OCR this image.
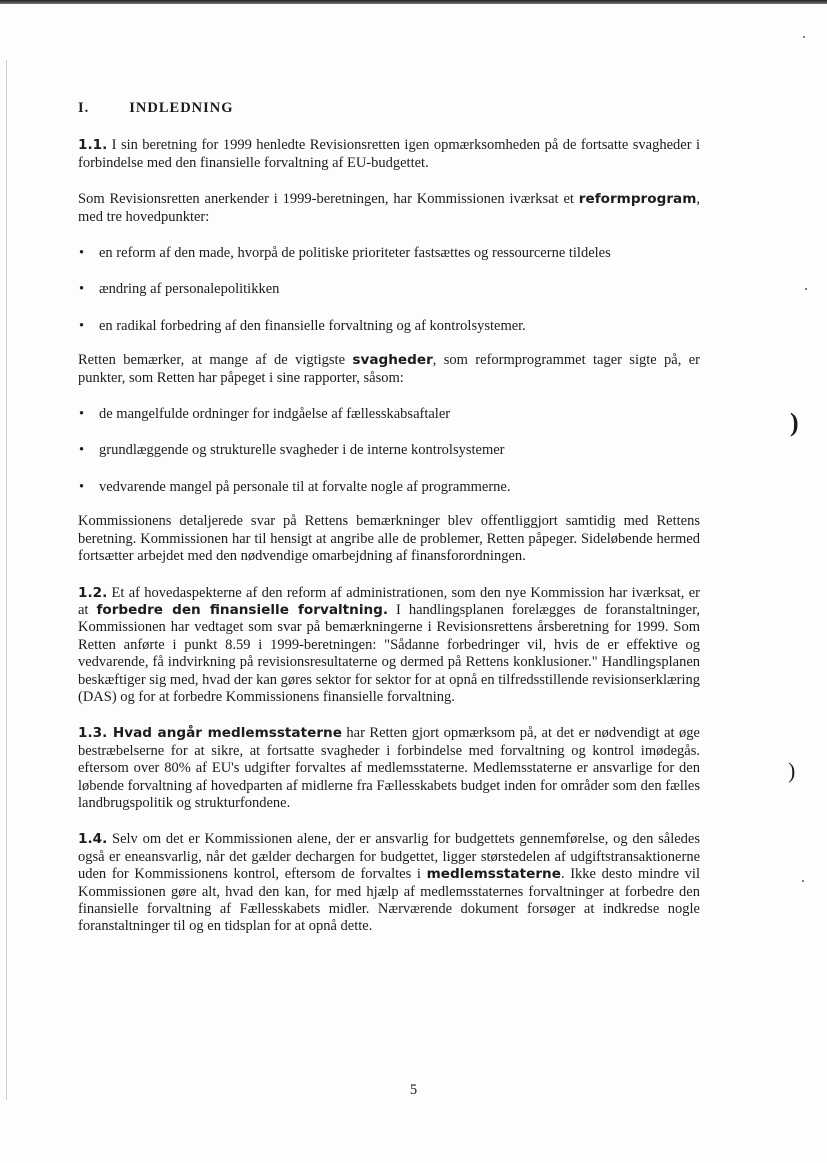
I.	INDLEDNING

1.1. I sin beretning for 1999 henledte Revisionsretten igen opmærksomheden på de fortsatte svagheder i forbindelse med den finansielle forvaltning af EU-budgettet.

Som Revisionsretten anerkender i 1999-beretningen, har Kommissionen iværksat et reformprogram, med tre hovedpunkter:

• en reform af den made, hvorpå de politiske prioriteter fastsættes og ressourcerne tildeles
• ændring af personalepolitikken
• en radikal forbedring af den finansielle forvaltning og af kontrolsystemer.

Retten bemærker, at mange af de vigtigste svagheder, som reformprogrammet tager sigte på, er punkter, som Retten har påpeget i sine rapporter, såsom:

• de mangelfulde ordninger for indgåelse af fællesskabsaftaler
• grundlæggende og strukturelle svagheder i de interne kontrolsystemer
• vedvarende mangel på personale til at forvalte nogle af programmerne.

Kommissionens detaljerede svar på Rettens bemærkninger blev offentliggjort samtidig med Rettens beretning. Kommissionen har til hensigt at angribe alle de problemer, Retten påpeger. Sideløbende hermed fortsætter arbejdet med den nødvendige omarbejdning af finansforordningen.

1.2. Et af hovedaspekterne af den reform af administrationen, som den nye Kommission har iværksat, er at forbedre den finansielle forvaltning. I handlingsplanen forelægges de foranstaltninger, Kommissionen har vedtaget som svar på bemærkningerne i Revisionsrettens årsberetning for 1999. Som Retten anførte i punkt 8.59 i 1999-beretningen: "Sådanne forbedringer vil, hvis de er effektive og vedvarende, få indvirkning på revisionsresultaterne og dermed på Rettens konklusioner." Handlingsplanen beskæftiger sig med, hvad der kan gøres sektor for sektor for at opnå en tilfredsstillende revisionserklæring (DAS) og for at forbedre Kommissionens finansielle forvaltning.

1.3. Hvad angår medlemsstaterne har Retten gjort opmærksom på, at det er nødvendigt at øge bestræbelserne for at sikre, at fortsatte svagheder i forbindelse med forvaltning og kontrol imødegås. eftersom over 80% af EU's udgifter forvaltes af medlemsstaterne. Medlemsstaterne er ansvarlige for den løbende forvaltning af hovedparten af midlerne fra Fællesskabets budget inden for områder som den fælles landbrugspolitik og strukturfondene.

1.4. Selv om det er Kommissionen alene, der er ansvarlig for budgettets gennemførelse, og den således også er eneansvarlig, når det gælder dechargen for budgettet, ligger størstedelen af udgiftstransaktionerne uden for Kommissionens kontrol, eftersom de forvaltes i medlemsstaterne. Ikke desto mindre vil Kommissionen gøre alt, hvad den kan, for med hjælp af medlemsstaternes forvaltninger at forbedre den finansielle forvaltning af Fællesskabets midler. Nærværende dokument forsøger at indkredse nogle foranstaltninger til og en tidsplan for at opnå dette.

5
)
)
